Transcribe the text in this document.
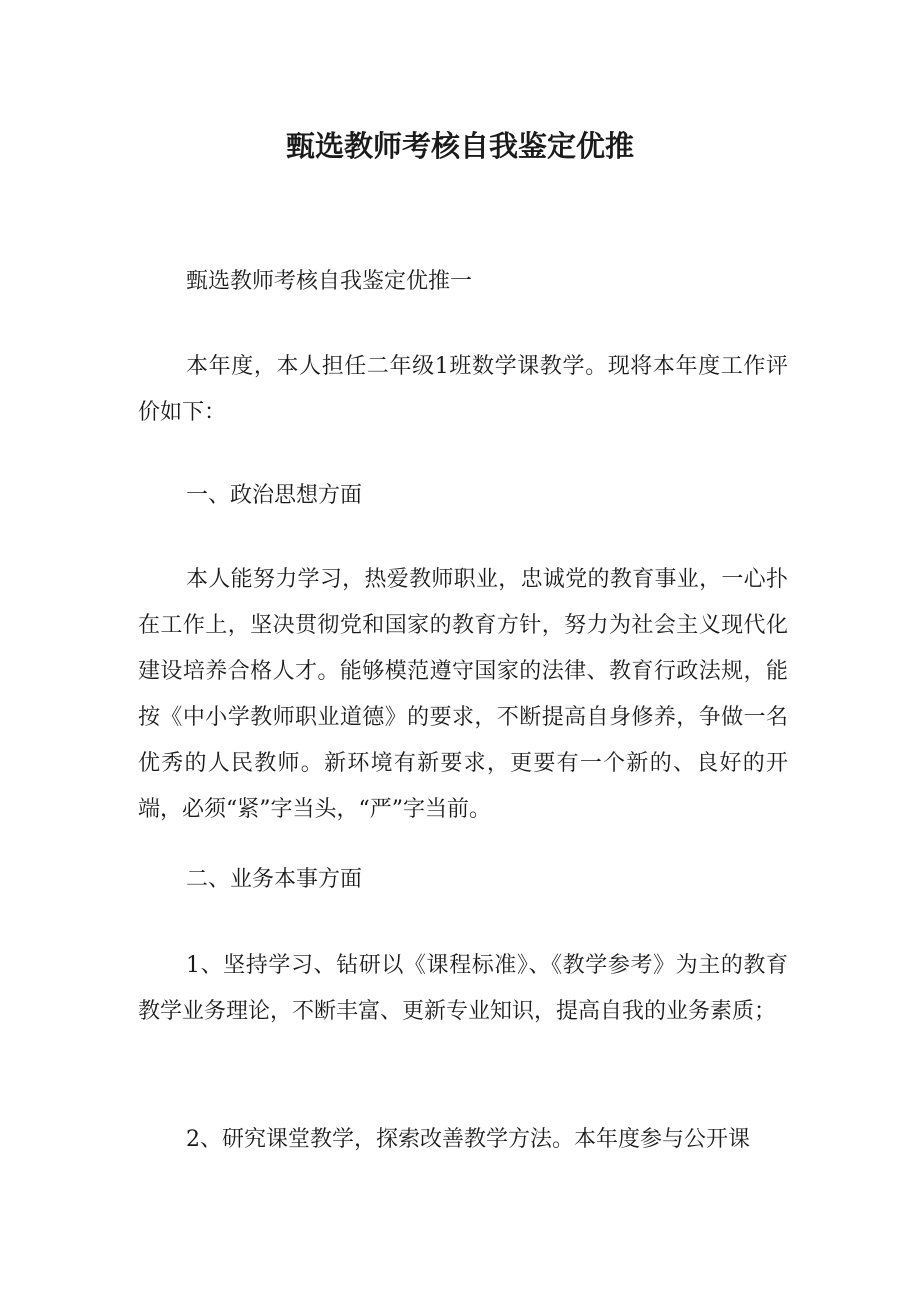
甄选教师考核自我鉴定优推

甄选教师考核自我鉴定优推一

本年度，本人担任二年级1班数学课教学。现将本年度工作评价如下：

一、政治思想方面

本人能努力学习，热爱教师职业，忠诚党的教育事业，一心扑在工作上，坚决贯彻党和国家的教育方针，努力为社会主义现代化建设培养合格人才。能够模范遵守国家的法律、教育行政法规，能按《中小学教师职业道德》的要求，不断提高自身修养，争做一名优秀的人民教师。新环境有新要求，更要有一个新的、良好的开端，必须“紧”字当头，“严”字当前。

二、业务本事方面

1、坚持学习、钻研以《课程标准》、《教学参考》为主的教育教学业务理论，不断丰富、更新专业知识，提高自我的业务素质；

2、研究课堂教学，探索改善教学方法。本年度参与公开课
